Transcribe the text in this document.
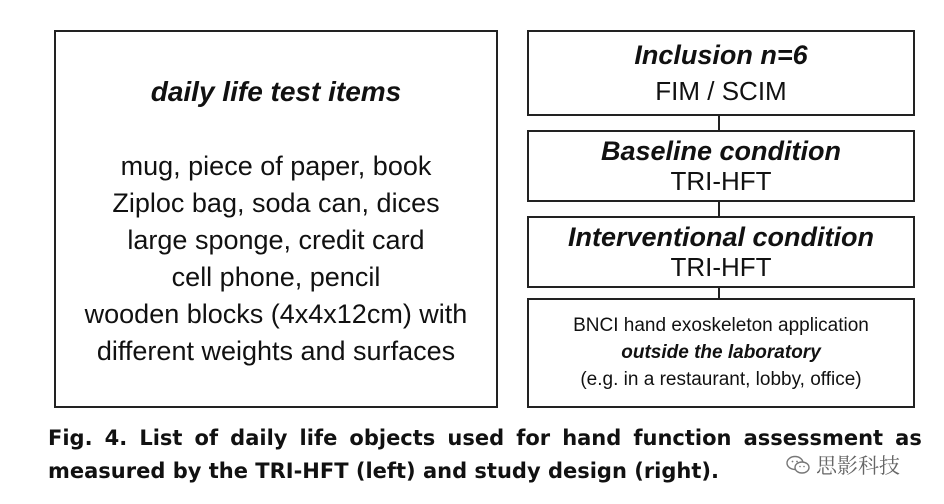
daily life test items
mug, piece of paper, book
Ziploc bag, soda can, dices
large sponge, credit card
cell phone, pencil
wooden blocks (4x4x12cm) with
different weights and surfaces
Inclusion n=6
FIM / SCIM
Baseline condition
TRI-HFT
Interventional condition
TRI-HFT
BNCI hand exoskeleton application
outside the laboratory
(e.g. in a restaurant, lobby, office)
Fig. 4. List of daily life objects used for hand function assessment as
measured by the TRI-HFT (left) and study design (right).	思影科技
